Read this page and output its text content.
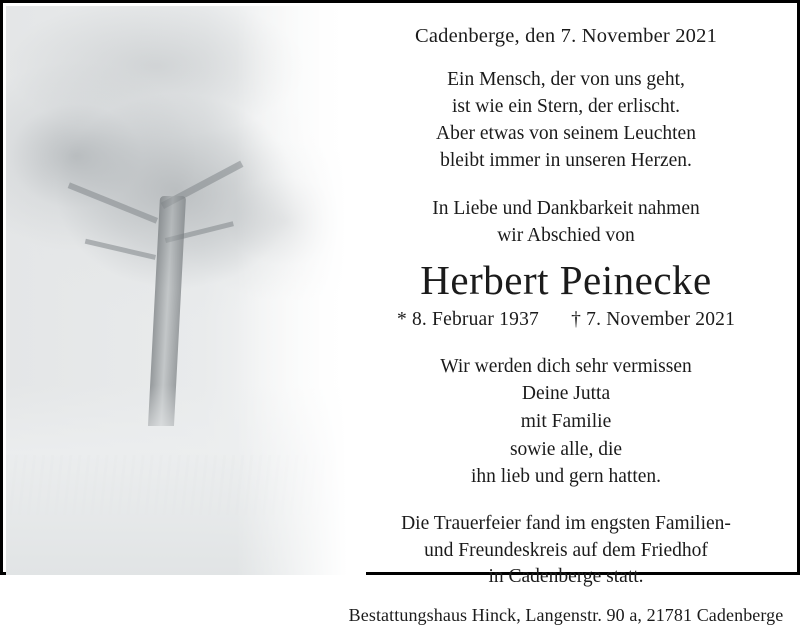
Cadenberge, den 7. November 2021
Ein Mensch, der von uns geht,
ist wie ein Stern, der erlischt.
Aber etwas von seinem Leuchten
bleibt immer in unseren Herzen.
In Liebe und Dankbarkeit nahmen
wir Abschied von
Herbert Peinecke
* 8. Februar 1937 † 7. November 2021
Wir werden dich sehr vermissen
Deine Jutta
mit Familie
sowie alle, die
ihn lieb und gern hatten.
Die Trauerfeier fand im engsten Familien-
und Freundeskreis auf dem Friedhof
in Cadenberge statt.
Bestattungshaus Hinck, Langenstr. 90 a, 21781 Cadenberge
